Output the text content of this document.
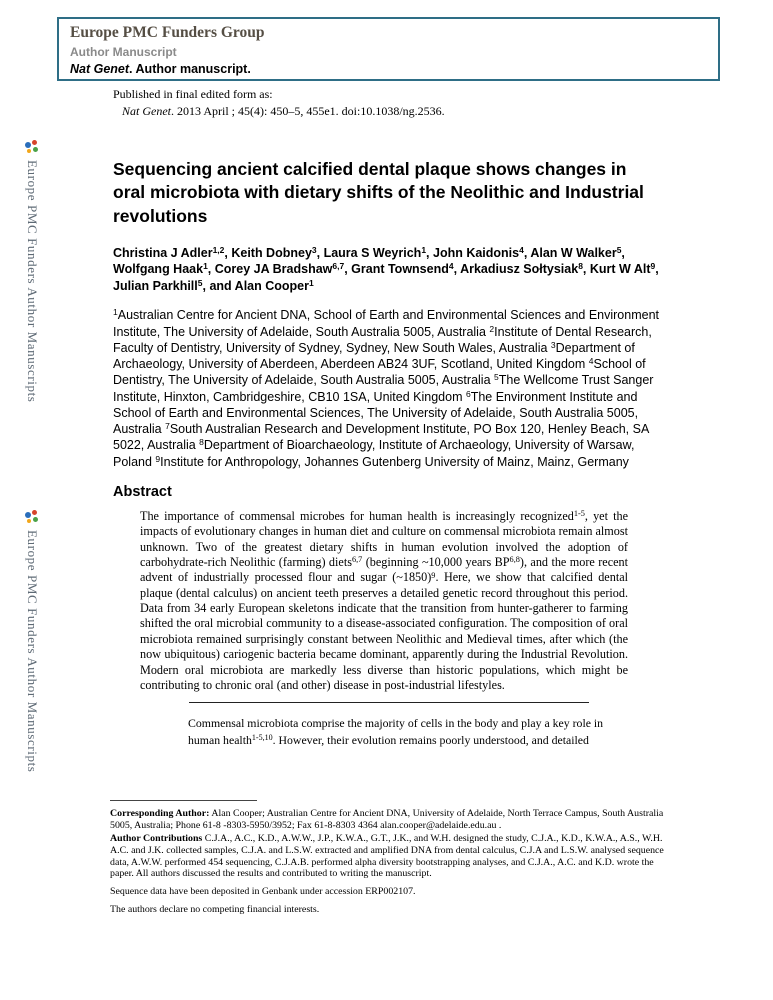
Europe PMC Funders Author Manuscripts
Europe PMC Funders Author Manuscripts
Europe PMC Funders Group
Author Manuscript
Nat Genet. Author manuscript.
Published in final edited form as:
Nat Genet. 2013 April ; 45(4): 450–5, 455e1. doi:10.1038/ng.2536.
Sequencing ancient calcified dental plaque shows changes in oral microbiota with dietary shifts of the Neolithic and Industrial revolutions

Christina J Adler$^{1,2}$, Keith Dobney$^3$, Laura S Weyrich$^1$, John Kaidonis$^4$, Alan W Walker$^5$, Wolfgang Haak$^1$, Corey JA Bradshaw$^{6,7}$, Grant Townsend$^4$, Arkadiusz Sołtysiak$^8$, Kurt W Alt$^9$, Julian Parkhill$^5$, and Alan Cooper$^1$

$^1$Australian Centre for Ancient DNA, School of Earth and Environmental Sciences and Environment Institute, The University of Adelaide, South Australia 5005, Australia $^2$Institute of Dental Research, Faculty of Dentistry, University of Sydney, Sydney, New South Wales, Australia $^3$Department of Archaeology, University of Aberdeen, Aberdeen AB24 3UF, Scotland, United Kingdom $^4$School of Dentistry, The University of Adelaide, South Australia 5005, Australia $^5$The Wellcome Trust Sanger Institute, Hinxton, Cambridgeshire, CB10 1SA, United Kingdom $^6$The Environment Institute and School of Earth and Environmental Sciences, The University of Adelaide, South Australia 5005, Australia $^7$South Australian Research and Development Institute, PO Box 120, Henley Beach, SA 5022, Australia $^8$Department of Bioarchaeology, Institute of Archaeology, University of Warsaw, Poland $^9$Institute for Anthropology, Johannes Gutenberg University of Mainz, Mainz, Germany

Abstract

The importance of commensal microbes for human health is increasingly recognized$^{1-5}$, yet the impacts of evolutionary changes in human diet and culture on commensal microbiota remain almost unknown. Two of the greatest dietary shifts in human evolution involved the adoption of carbohydrate-rich Neolithic (farming) diets$^{6,7}$ (beginning ~10,000 years BP$^{6,8}$), and the more recent advent of industrially processed flour and sugar (~1850)$^9$. Here, we show that calcified dental plaque (dental calculus) on ancient teeth preserves a detailed genetic record throughout this period. Data from 34 early European skeletons indicate that the transition from hunter-gatherer to farming shifted the oral microbial community to a disease-associated configuration. The composition of oral microbiota remained surprisingly constant between Neolithic and Medieval times, after which (the now ubiquitous) cariogenic bacteria became dominant, apparently during the Industrial Revolution. Modern oral microbiota are markedly less diverse than historic populations, which might be contributing to chronic oral (and other) disease in post-industrial lifestyles.

Commensal microbiota comprise the majority of cells in the body and play a key role in human health$^{1-5,10}$. However, their evolution remains poorly understood, and detailed

Corresponding Author: Alan Cooper; Australian Centre for Ancient DNA, University of Adelaide, North Terrace Campus, South Australia 5005, Australia; Phone 61-8 -8303-5950/3952; Fax 61-8-8303 4364 alan.cooper@adelaide.edu.au .

Author Contributions C.J.A., A.C., K.D., A.W.W., J.P., K.W.A., G.T., J.K., and W.H. designed the study, C.J.A., K.D., K.W.A., A.S., W.H. A.C. and J.K. collected samples, C.J.A. and L.S.W. extracted and amplified DNA from dental calculus, C.J.A and L.S.W. analysed sequence data, A.W.W. performed 454 sequencing, C.J.A.B. performed alpha diversity bootstrapping analyses, and C.J.A., A.C. and K.D. wrote the paper. All authors discussed the results and contributed to writing the manuscript.

Sequence data have been deposited in Genbank under accession ERP002107.

The authors declare no competing financial interests.
